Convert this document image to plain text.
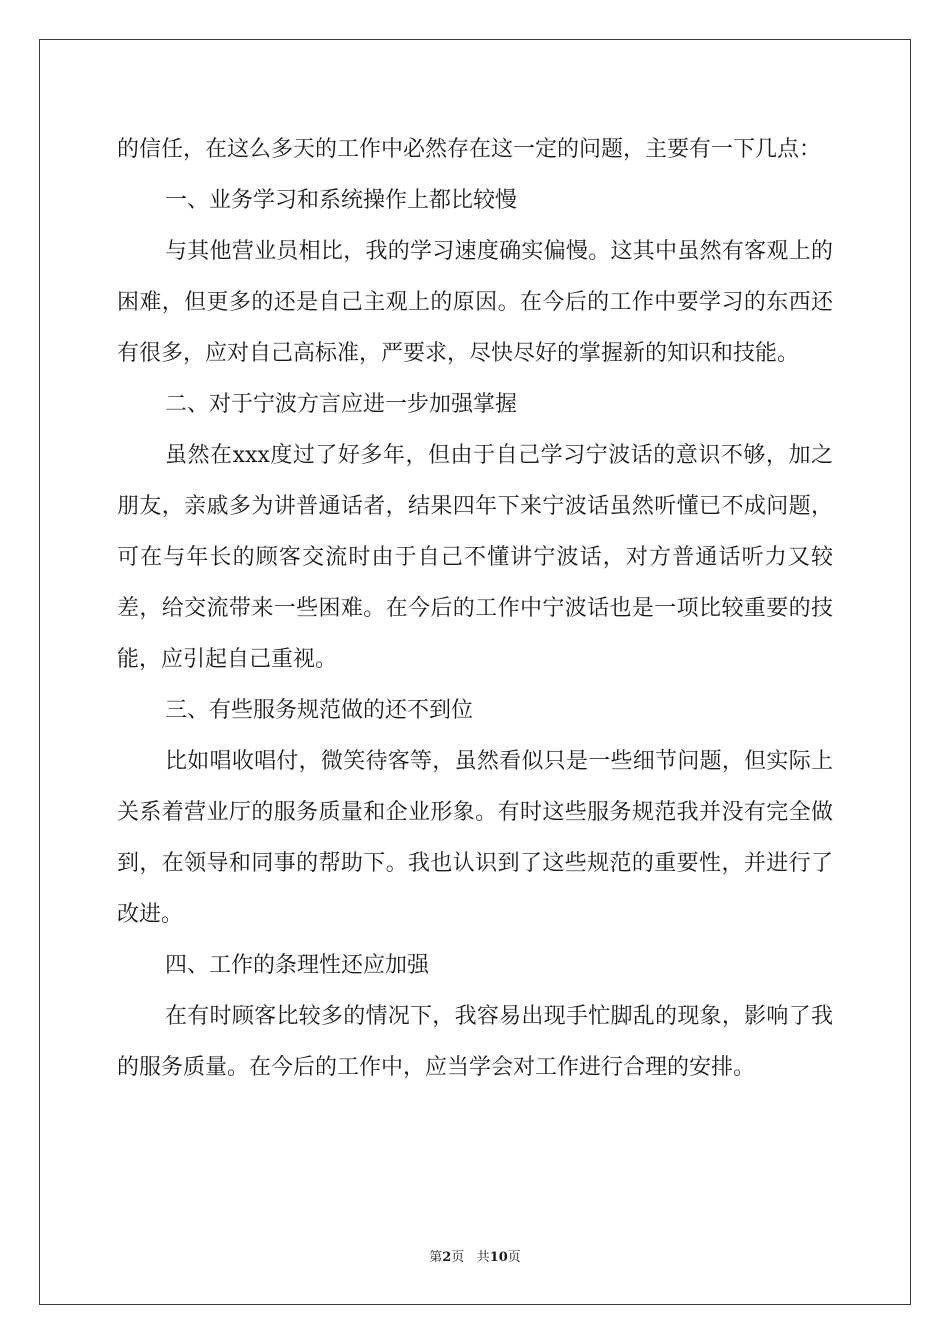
的信任，在这么多天的工作中必然存在这一定的问题，主要有一下几点：

一、业务学习和系统操作上都比较慢

与其他营业员相比，我的学习速度确实偏慢。这其中虽然有客观上的困难，但更多的还是自己主观上的原因。在今后的工作中要学习的东西还有很多，应对自己高标准，严要求，尽快尽好的掌握新的知识和技能。

二、对于宁波方言应进一步加强掌握

虽然在xxx度过了好多年，但由于自己学习宁波话的意识不够，加之朋友，亲戚多为讲普通话者，结果四年下来宁波话虽然听懂已不成问题，可在与年长的顾客交流时由于自己不懂讲宁波话，对方普通话听力又较差，给交流带来一些困难。在今后的工作中宁波话也是一项比较重要的技能，应引起自己重视。

三、有些服务规范做的还不到位

比如唱收唱付，微笑待客等，虽然看似只是一些细节问题，但实际上关系着营业厅的服务质量和企业形象。有时这些服务规范我并没有完全做到，在领导和同事的帮助下。我也认识到了这些规范的重要性，并进行了改进。

四、工作的条理性还应加强

在有时顾客比较多的情况下，我容易出现手忙脚乱的现象，影响了我的服务质量。在今后的工作中，应当学会对工作进行合理的安排。

第2页 共10页
